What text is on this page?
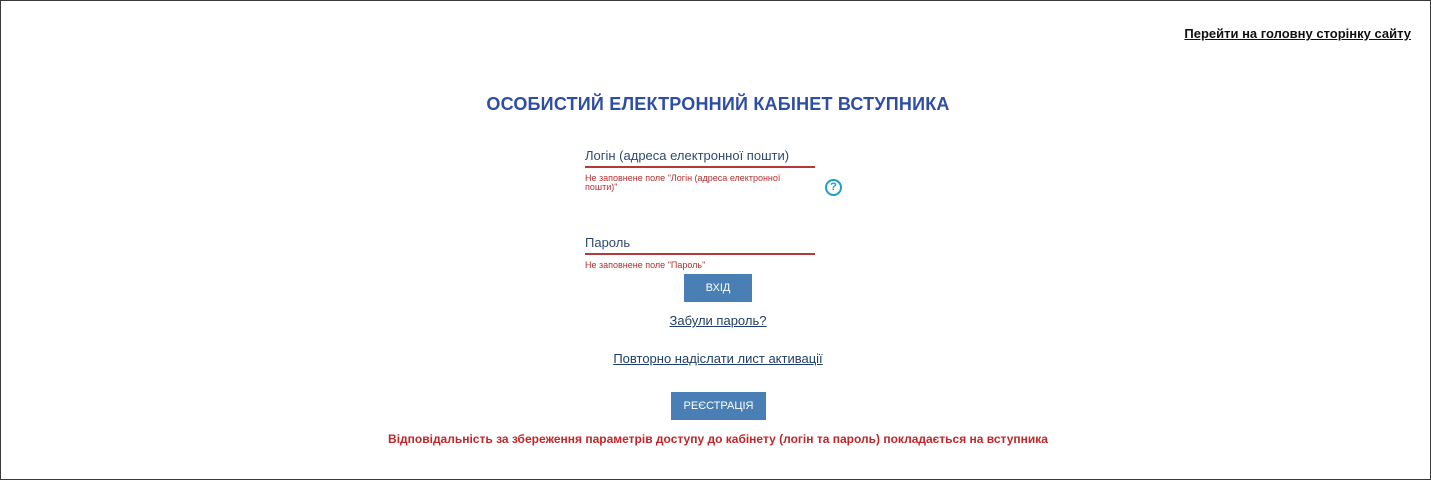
Перейти на головну сторінку сайту
ОСОБИСТИЙ ЕЛЕКТРОННИЙ КАБІНЕТ ВСТУПНИКА
Логін (адреса електронної пошти)
Не заповнене поле "Логін (адреса електронної пошти)"	?
Не заповнене поле "Пароль"
ВХІД
Забули пароль?
Повторно надіслати лист активації
РЕЄСТРАЦІЯ
Відповідальність за збереження параметрів доступу до кабінету (логін та пароль) покладається на вступника
